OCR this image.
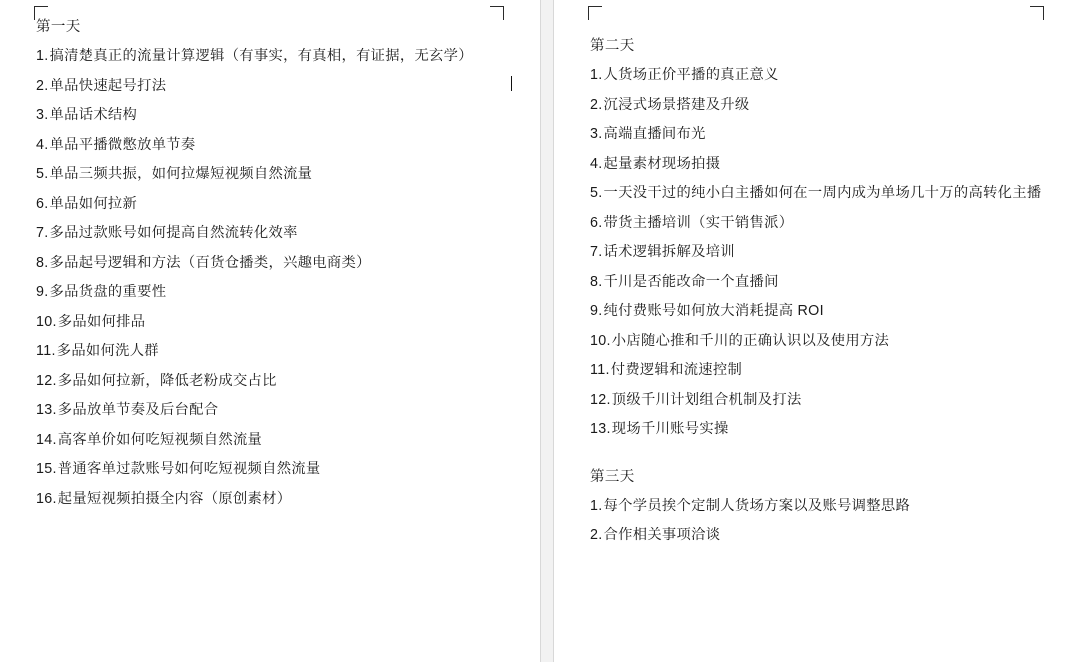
第一天

1. 搞清楚真正的流量计算逻辑（有事实，有真相，有证据，无玄学）
2. 单品快速起号打法
3. 单品话术结构
4. 单品平播微憋放单节奏
5. 单品三频共振，如何拉爆短视频自然流量
6. 单品如何拉新
7. 多品过款账号如何提高自然流转化效率
8. 多品起号逻辑和方法（百货仓播类，兴趣电商类）
9. 多品货盘的重要性
10. 多品如何排品
11. 多品如何洗人群
12. 多品如何拉新，降低老粉成交占比
13. 多品放单节奏及后台配合
14. 高客单价如何吃短视频自然流量
15. 普通客单过款账号如何吃短视频自然流量
16. 起量短视频拍摄全内容（原创素材）

第二天

1. 人货场正价平播的真正意义
2. 沉浸式场景搭建及升级
3. 高端直播间布光
4. 起量素材现场拍摄
5. 一天没干过的纯小白主播如何在一周内成为单场几十万的高转化主播
6. 带货主播培训（实干销售派）
7. 话术逻辑拆解及培训
8. 千川是否能改命一个直播间
9. 纯付费账号如何放大消耗提高 ROI
10. 小店随心推和千川的正确认识以及使用方法
11. 付费逻辑和流速控制
12. 顶级千川计划组合机制及打法
13. 现场千川账号实操

第三天

1. 每个学员挨个定制人货场方案以及账号调整思路
2. 合作相关事项洽谈
